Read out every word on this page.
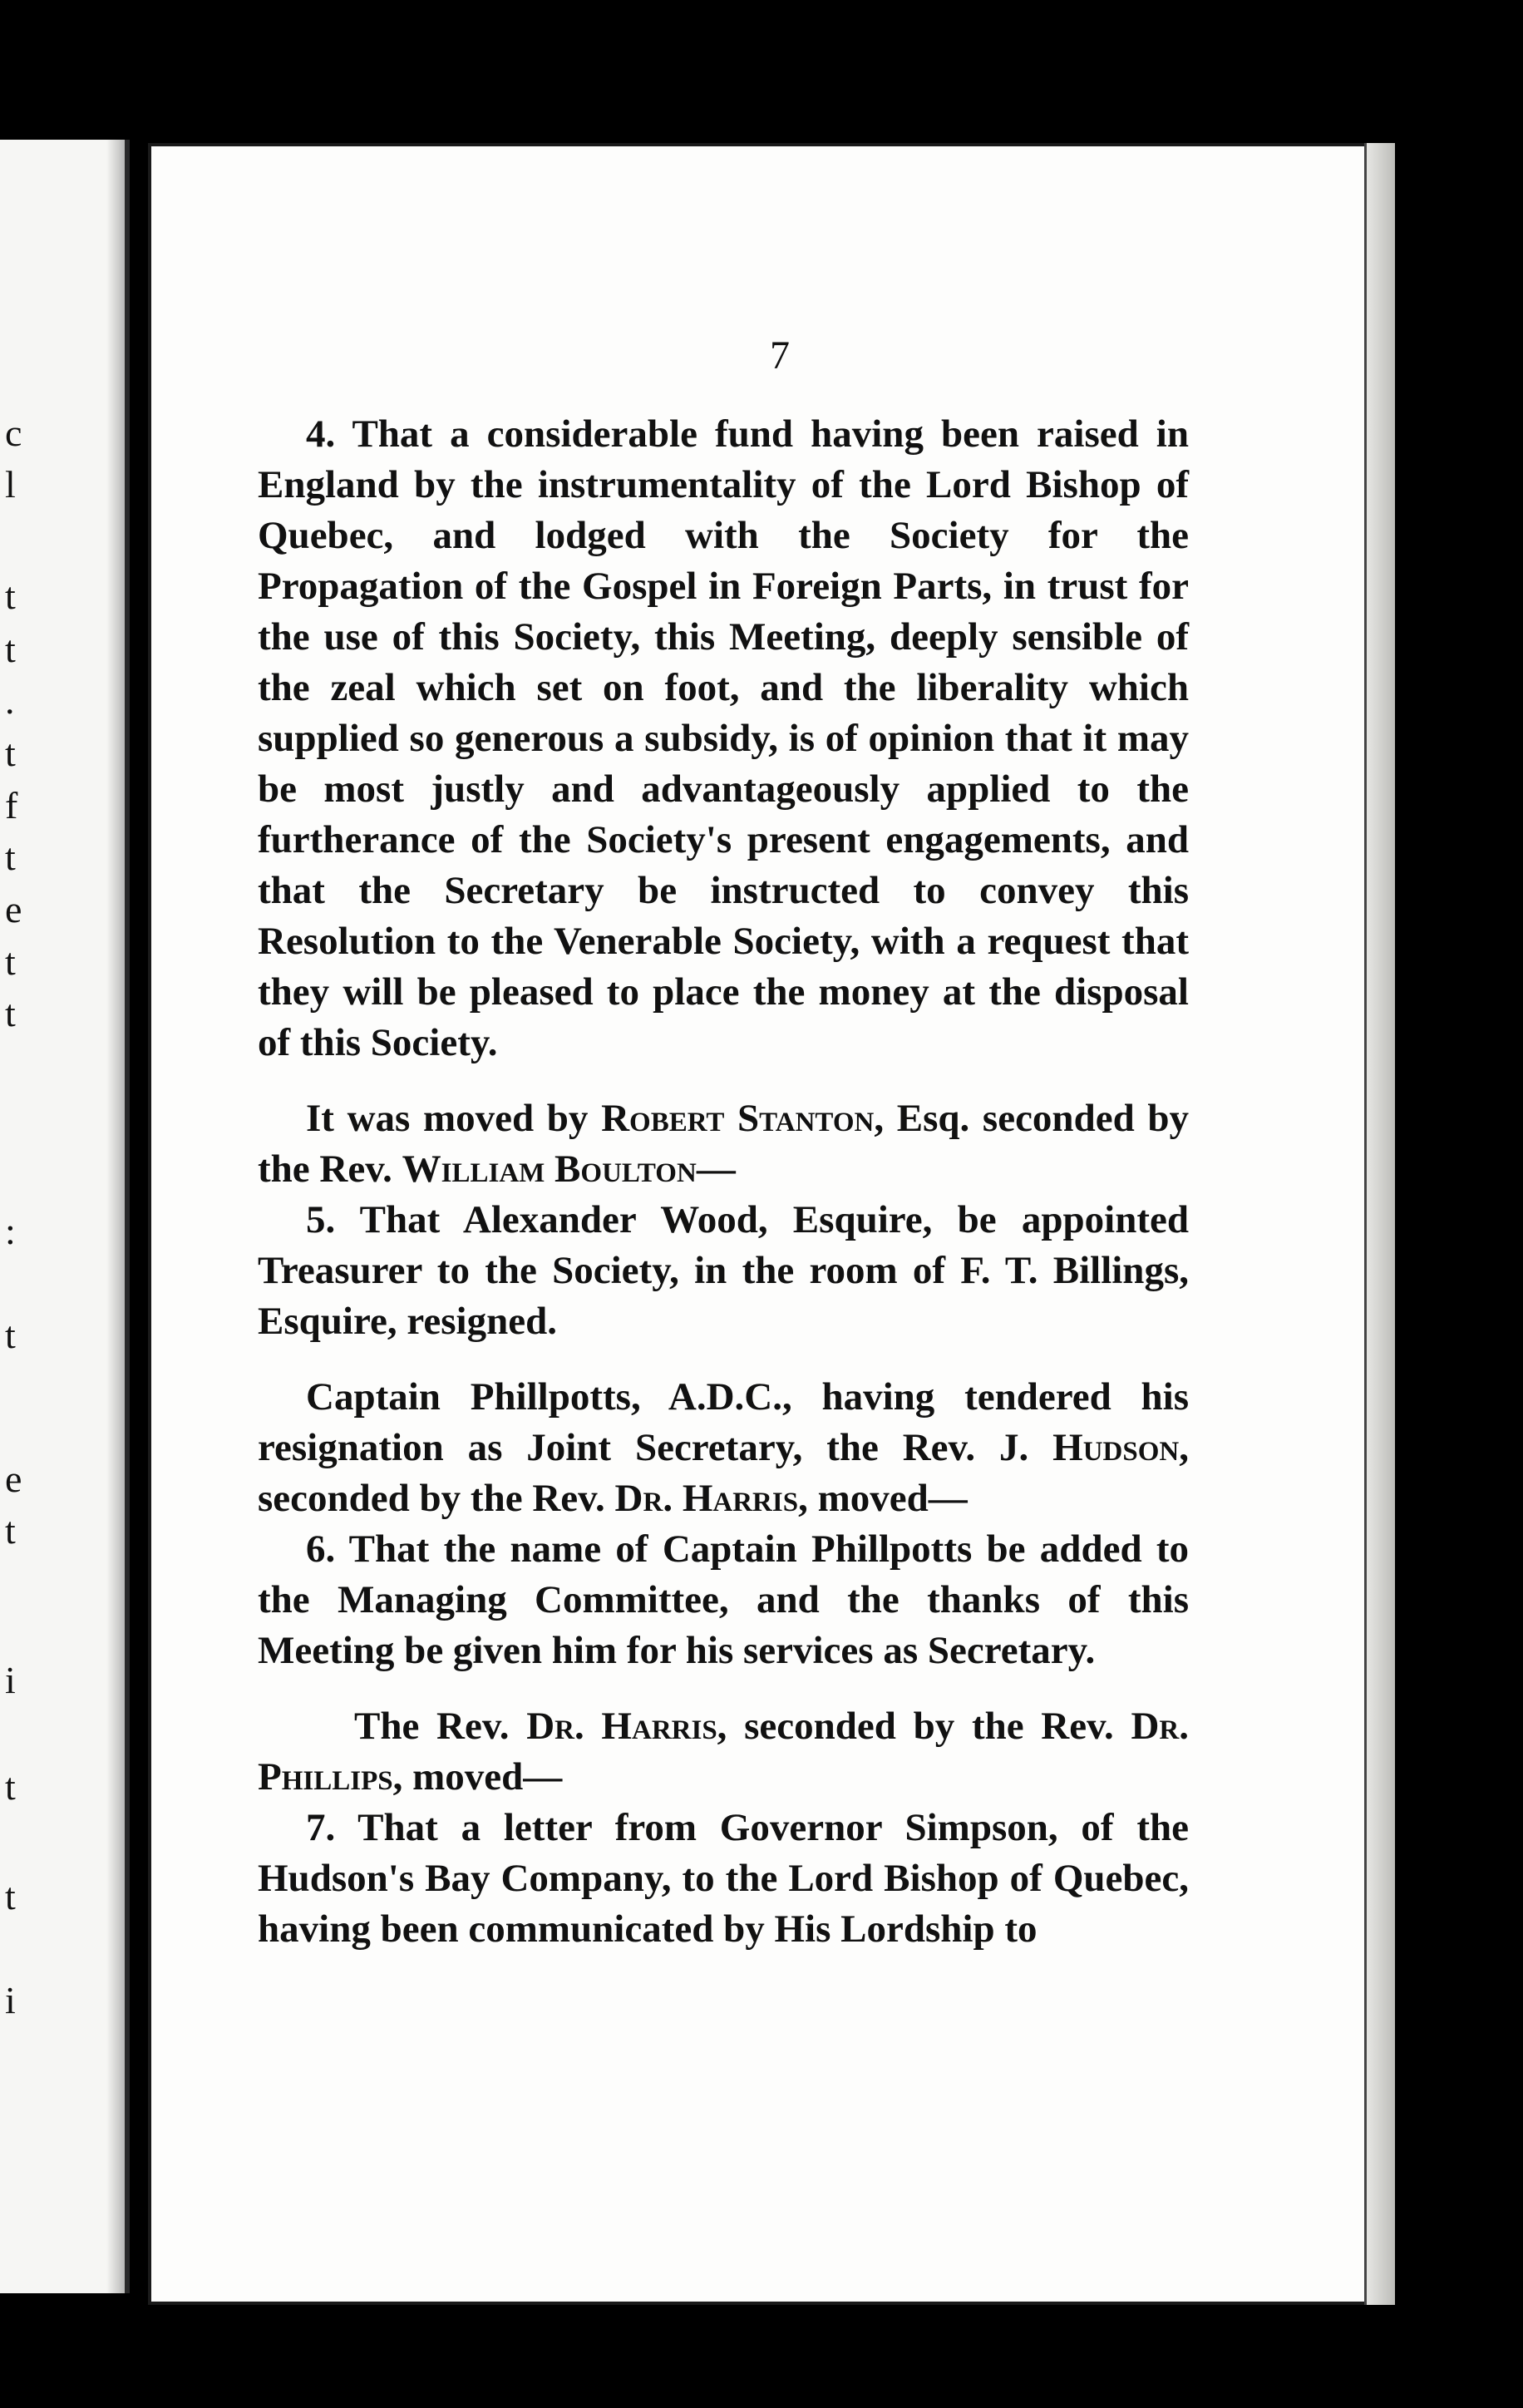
c
l
t
t
.
t
f
t
e
t
t
:
t
e
t
i
t
t
i
7

4. That a considerable fund having been raised in England by the instrumentality of the Lord Bishop of Quebec, and lodged with the Society for the Propagation of the Gospel in Foreign Parts, in trust for the use of this Society, this Meeting, deeply sensible of the zeal which set on foot, and the liberality which supplied so generous a subsidy, is of opinion that it may be most justly and advantageously applied to the furtherance of the Society's present engagements, and that the Secretary be instructed to convey this Resolution to the Venerable Society, with a request that they will be pleased to place the money at the disposal of this Society.

It was moved by Robert Stanton, Esq. seconded by the Rev. William Boulton—

5. That Alexander Wood, Esquire, be appointed Treasurer to the Society, in the room of F. T. Billings, Esquire, resigned.

Captain Phillpotts, A.D.C., having tendered his resignation as Joint Secretary, the Rev. J. Hudson, seconded by the Rev. Dr. Harris, moved—

6. That the name of Captain Phillpotts be added to the Managing Committee, and the thanks of this Meeting be given him for his services as Secretary.

The Rev. Dr. Harris, seconded by the Rev. Dr. Phillips, moved—

7. That a letter from Governor Simpson, of the Hudson's Bay Company, to the Lord Bishop of Quebec, having been communicated by His Lordship to
